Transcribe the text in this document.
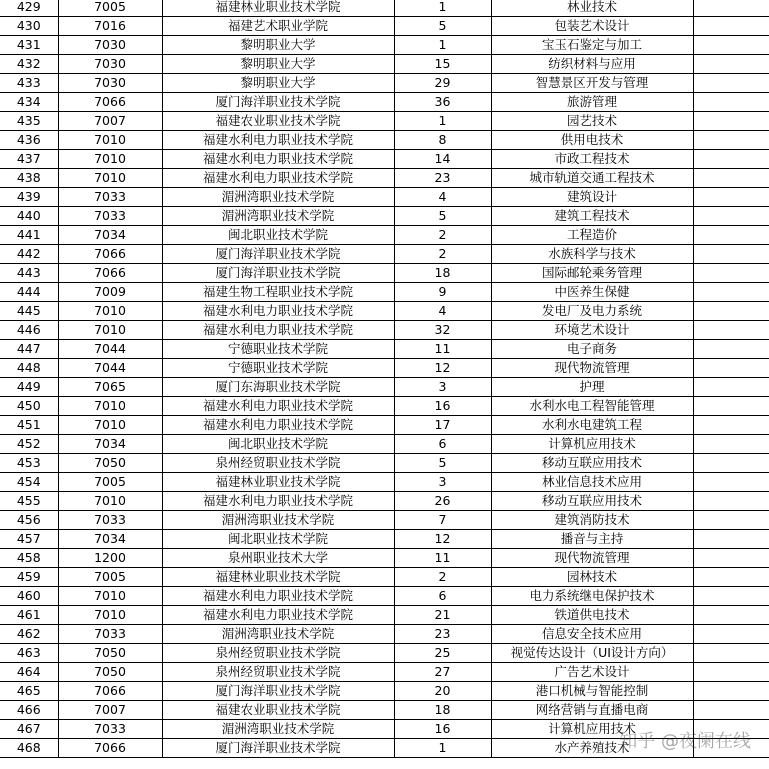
429	7005	福建林业职业技术学院	1	林业技术	
430	7016	福建艺术职业学院	5	包装艺术设计	
431	7030	黎明职业大学	1	宝玉石鉴定与加工	
432	7030	黎明职业大学	15	纺织材料与应用	
433	7030	黎明职业大学	29	智慧景区开发与管理	
434	7066	厦门海洋职业技术学院	36	旅游管理	
435	7007	福建农业职业技术学院	1	园艺技术	
436	7010	福建水利电力职业技术学院	8	供用电技术	
437	7010	福建水利电力职业技术学院	14	市政工程技术	
438	7010	福建水利电力职业技术学院	23	城市轨道交通工程技术	
439	7033	湄洲湾职业技术学院	4	建筑设计	
440	7033	湄洲湾职业技术学院	5	建筑工程技术	
441	7034	闽北职业技术学院	2	工程造价	
442	7066	厦门海洋职业技术学院	2	水族科学与技术	
443	7066	厦门海洋职业技术学院	18	国际邮轮乘务管理	
444	7009	福建生物工程职业技术学院	9	中医养生保健	
445	7010	福建水利电力职业技术学院	4	发电厂及电力系统	
446	7010	福建水利电力职业技术学院	32	环境艺术设计	
447	7044	宁德职业技术学院	11	电子商务	
448	7044	宁德职业技术学院	12	现代物流管理	
449	7065	厦门东海职业技术学院	3	护理	
450	7010	福建水利电力职业技术学院	16	水利水电工程智能管理	
451	7010	福建水利电力职业技术学院	17	水利水电建筑工程	
452	7034	闽北职业技术学院	6	计算机应用技术	
453	7050	泉州经贸职业技术学院	5	移动互联应用技术	
454	7005	福建林业职业技术学院	3	林业信息技术应用	
455	7010	福建水利电力职业技术学院	26	移动互联应用技术	
456	7033	湄洲湾职业技术学院	7	建筑消防技术	
457	7034	闽北职业技术学院	12	播音与主持	
458	1200	泉州职业技术大学	11	现代物流管理	
459	7005	福建林业职业技术学院	2	园林技术	
460	7010	福建水利电力职业技术学院	6	电力系统继电保护技术	
461	7010	福建水利电力职业技术学院	21	铁道供电技术	
462	7033	湄洲湾职业技术学院	23	信息安全技术应用	
463	7050	泉州经贸职业技术学院	25	视觉传达设计（UI设计方向）	
464	7050	泉州经贸职业技术学院	27	广告艺术设计	
465	7066	厦门海洋职业技术学院	20	港口机械与智能控制	
466	7007	福建农业职业技术学院	18	网络营销与直播电商	
467	7033	湄洲湾职业技术学院	16	计算机应用技术	
468	7066	厦门海洋职业技术学院	1	水产养殖技术	
知乎 @夜阑在线
